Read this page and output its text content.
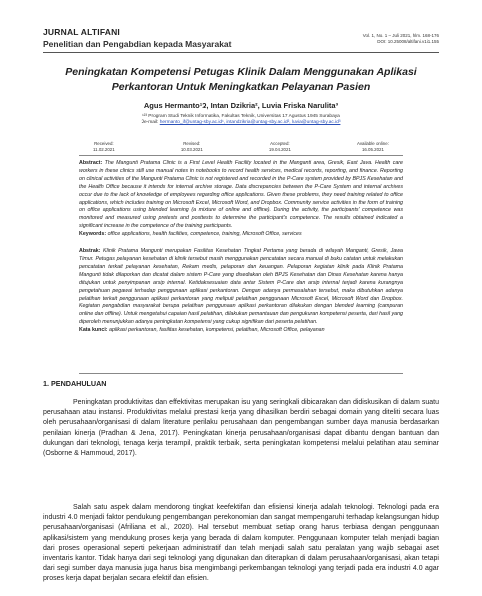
JURNAL ALTIFANI
Penelitian dan Pengabdian kepada Masyarakat
Vol. 1, No. 1 – Juli 2021, hlm. 168-176
DOI: 10.25008/altifani.v1i1.155
Peningkatan Kompetensi Petugas Klinik Dalam Menggunakan Aplikasi Perkantoran Untuk Meningkatkan Pelayanan Pasien
Agus Hermanto¹ʡ, Intan Dzikria², Luvia Friska Narulita³
¹²³ Program Studi Teknik Informatika, Fakultas Teknik, Universitas 17 Agustus 1945 Surabaya
ʡe-mail: hermanto_if@untag-sby.ac.id¹, intandzikria@untag-sby.ac.id², luvia@untag-sby.ac.id³
Received:
11.02.2021
Revised:
10.03.2021
Accepted:
19.04.2021
Available online:
16.05.2021
Abstract: The Mangunti Pratama Clinic is a First Level Health Facility located in the Manganti area, Gresik, East Java. Health care workers in these clinics still use manual notes in notebooks to record health services, medical records, reporting, and finance. Reporting on clinical activities of the Mangunti Pratama Clinic is not registered and recorded in the P-Care system provided by BPJS Kesehatan and the Health Office because it intends for internal archive storage. Data discrepancies between the P-Care System and internal archives occur due to the lack of knowledge of employees regarding office applications. Given these problems, they need training related to office applications, which includes training on Microsoft Excel, Microsoft Word, and Dropbox. Community service activities in the form of training on office applications using blended learning (a mixture of online and offline). During the activity, the participants' competence was monitored and measured using pretests and posttests to determine the participant's competence. The results obtained indicated a significant increase in the competence of the training participants.
Keywords: office applications, health facilities, competence, training, Microsoft Office, services
Abstrak: Klinik Pratama Mangunti merupakan Fasilitas Kesehatan Tingkat Pertama yang berada di wilayah Manganti, Gresik, Jawa Timur. Petugas pelayanan kesehatan di klinik tersebut masih menggunakan pencatatan secara manual di buku catatan untuk melakukan pencatatan terkait pelayanan kesehatan, Rekam medis, pelaporan dan keuangan. Pelaporan kegiatan klinik pada Klinik Pratama Mangunti tidak dilaporkan dan dicatat dalam sistem P-Care yang disediakan oleh BPJS Kesehatan dan Dinas Kesehatan karena hanya ditujukan untuk penyimpanan arsip internal. Ketidaksesuaian data antar Sistem P-Care dan arsip internal terjadi karena kurangnya pengetahuan pegawai terhadap penggunaan aplikasi perkantoran. Dengan adanya permasalahan tersebut, maka dibutuhkan adanya pelatihan terkait penggunaan aplikasi perkantoran yang meliputi pelatihan penggunaan Microsoft Excel, Microsoft Word dan Dropbox. Kegiatan pengabdian masyarakat berupa pelatihan penggunaan aplikasi perkantoran dilakukan dengan blended learning (campuran online dan offline). Untuk mengetahui capaian hasil pelatihan, dilakukan pemantauan dan pengukuran kompetensi peserta, dari hasil yang diperoleh menunjukkan adanya peningkatan kompetensi yang cukup signifikan dari peserta pelatihan.
Kata kunci: aplikasi perkantoran, fasilitas kesehatan, kompetensi, pelatihan, Microsoft Office, pelayanan
1. PENDAHULUAN
Peningkatan produktivitas dan effektivitas merupakan isu yang seringkali dibicarakan dan didiskusikan di dalam suatu perusahaan atau instansi. Produktivitas melalui prestasi kerja yang dihasilkan berdiri sebagai domain yang diteliti secara luas oleh perusahaan/organisasi di dalam literature perilaku perusahaan dan pengembangan sumber daya manusia berdasarkan penilaian kinerja (Pradhan & Jena, 2017). Peningkatan kinerja perusahaan/organisasi dapat dibantu dengan bantuan dan dukungan dari teknologi, tenaga kerja terampil, praktik terbaik, serta peningkatan kompetensi melalui pelatihan atau seminar (Osborne & Hammoud, 2017).
Salah satu aspek dalam mendorong tingkat keefektifan dan efisiensi kinerja adalah teknologi. Teknologi pada era industri 4.0 menjadi faktor pendukung pengembangan perekonomian dan sangat mempengaruhi terhadap kelangsungan hidup perusahaan/organisasi (Afriliana et al., 2020). Hal tersebut membuat setiap orang harus terbiasa dengan penggunaan aplikasi/sistem yang mendukung proses kerja yang berada di dalam komputer. Penggunaan komputer telah menjadi bagian dari proses operasional seperti pekerjaan administratif dan telah menjadi salah satu peralatan yang wajib sebagai aset inventaris kantor. Tidak hanya dari segi teknologi yang digunakan dan diterapkan di dalam perusahaan/organisasi, akan tetapi dari segi sumber daya manusia juga harus bisa mengimbangi perkembangan teknologi yang terjadi pada era industri 4.0 agar proses kerja dapat berjalan secara efektif dan efisien.
